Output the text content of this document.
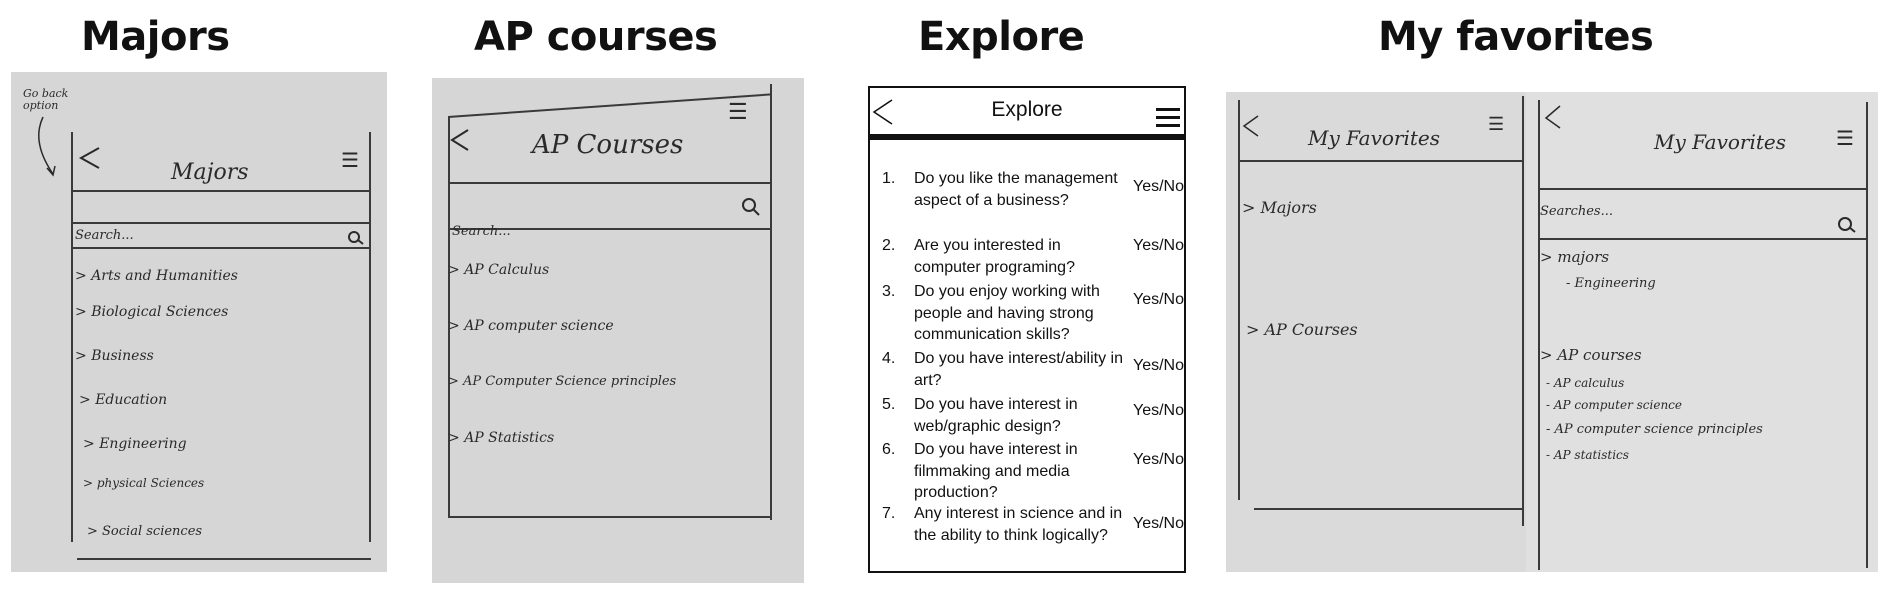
Majors	AP courses	Explore	My favorites
Go back option
Majors	☰
Search...
> Arts and Humanities
> Biological Sciences
> Business
> Education
> Engineering
> physical Sciences
> Social sciences
AP Courses
☰
Search...
> AP Calculus
> AP computer science
> AP Computer Science principles
> AP Statistics
Explore
1. Do you like the management aspect of a business?
Yes/No
2. Are you interested in computer programing?
Yes/No
3. Do you enjoy working with people and having strong communication skills?
Yes/No
4. Do you have interest/ability in art?
Yes/No
5. Do you have interest in web/graphic design?
Yes/No
6. Do you have interest in filmmaking and media production?
Yes/No
7. Any interest in science and in the ability to think logically?
Yes/No
My Favorites
☰
> Majors
> AP Courses
My Favorites ☰
Searches...
> majors
- Engineering
> AP courses
- AP calculus
- AP computer science
- AP computer science principles
- AP statistics
